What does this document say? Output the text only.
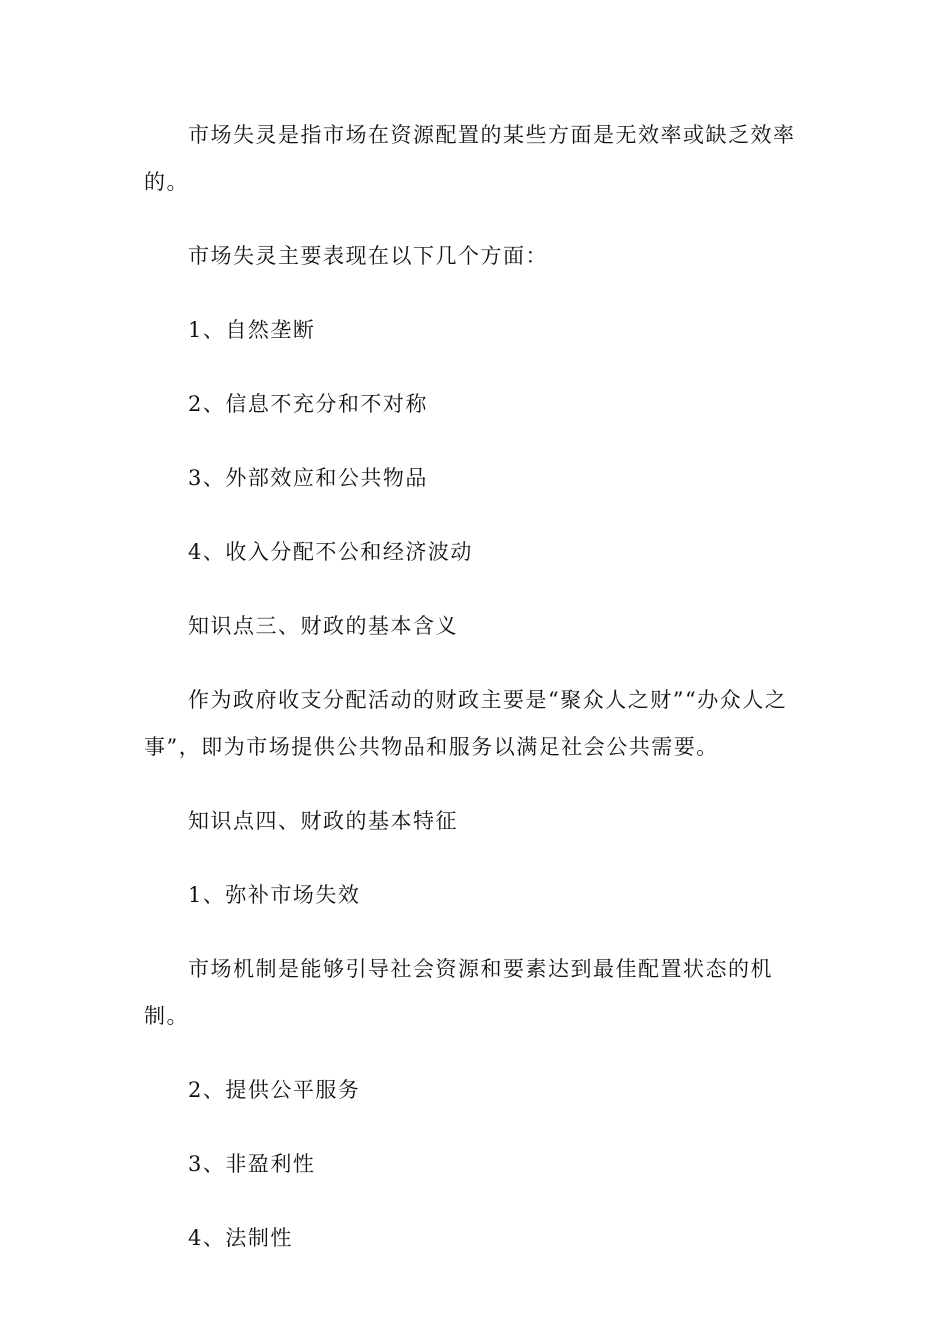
市场失灵是指市场在资源配置的某些方面是无效率或缺乏效率的。

市场失灵主要表现在以下几个方面：

1、自然垄断

2、信息不充分和不对称

3、外部效应和公共物品

4、收入分配不公和经济波动

知识点三、财政的基本含义

作为政府收支分配活动的财政主要是“聚众人之财”“办众人之事”，即为市场提供公共物品和服务以满足社会公共需要。

知识点四、财政的基本特征

1、弥补市场失效

市场机制是能够引导社会资源和要素达到最佳配置状态的机制。

2、提供公平服务

3、非盈利性

4、法制性
